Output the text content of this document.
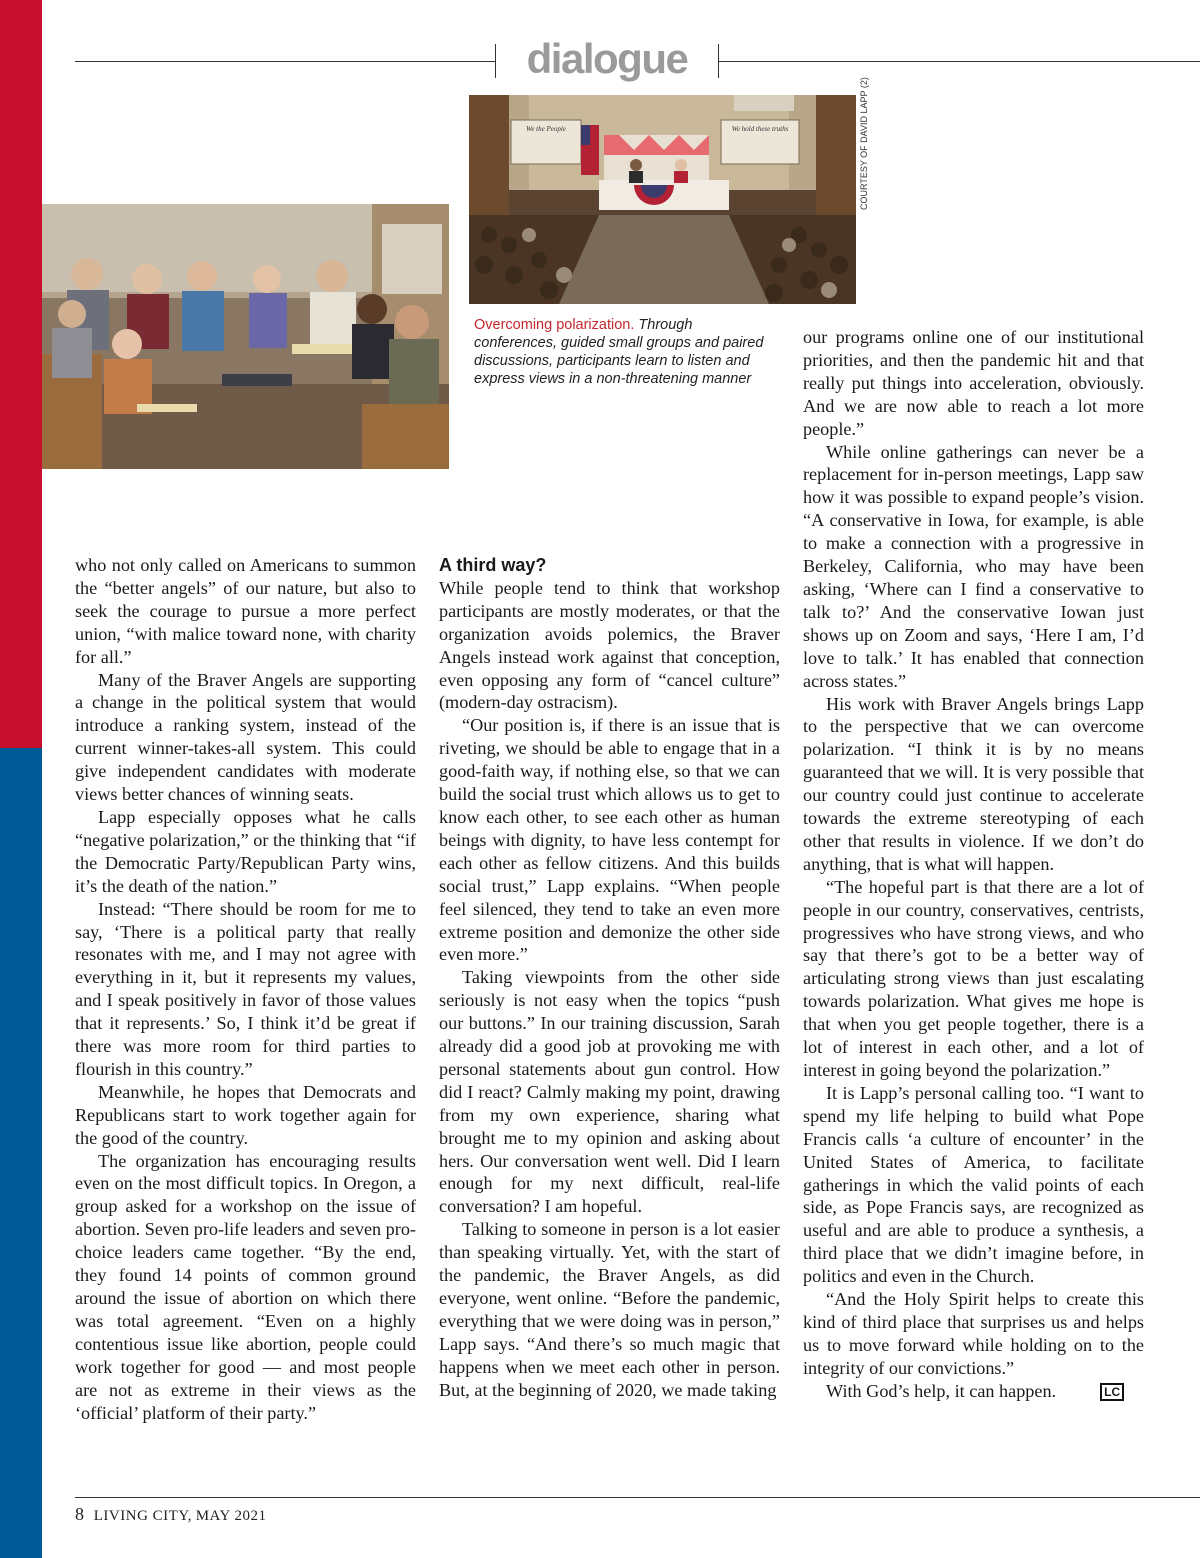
dialogue
We the People	We hold these truths	COURTESY OF DAVID LAPP (2)
Overcoming polarization. Through conferences, guided small groups and paired discussions, participants learn to listen and express views in a non-threatening manner

who not only called on Americans to summon the “better angels” of our nature, but also to seek the courage to pursue a more perfect union, “with malice toward none, with charity for all.”

Many of the Braver Angels are supporting a change in the political system that would introduce a ranking system, instead of the current winner-takes-all system. This could give independent candidates with moderate views better chances of winning seats.

Lapp especially opposes what he calls “negative polarization,” or the thinking that “if the Democratic Party/Republican Party wins, it’s the death of the nation.”

Instead: “There should be room for me to say, ‘There is a political party that really resonates with me, and I may not agree with everything in it, but it represents my values, and I speak positively in favor of those values that it represents.’ So, I think it’d be great if there was more room for third parties to flourish in this country.”

Meanwhile, he hopes that Democrats and Republicans start to work together again for the good of the country.

The organization has encouraging results even on the most difficult topics. In Oregon, a group asked for a workshop on the issue of abortion. Seven pro-life leaders and seven pro-choice leaders came together. “By the end, they found 14 points of common ground around the issue of abortion on which there was total agreement. “Even on a highly contentious issue like abortion, people could work together for good — and most people are not as extreme in their views as the ‘official’ platform of their party.”

A third way?

While people tend to think that workshop participants are mostly moderates, or that the organization avoids polemics, the Braver Angels instead work against that conception, even opposing any form of “cancel culture” (modern-day ostracism).

“Our position is, if there is an issue that is riveting, we should be able to engage that in a good-faith way, if nothing else, so that we can build the social trust which allows us to get to know each other, to see each other as human beings with dignity, to have less contempt for each other as fellow citizens. And this builds social trust,” Lapp explains. “When people feel silenced, they tend to take an even more extreme position and demonize the other side even more.”

Taking viewpoints from the other side seriously is not easy when the topics “push our buttons.” In our training discussion, Sarah already did a good job at provoking me with personal statements about gun control. How did I react? Calmly making my point, drawing from my own experience, sharing what brought me to my opinion and asking about hers. Our conversation went well. Did I learn enough for my next difficult, real-life conversation? I am hopeful.

Talking to someone in person is a lot easier than speaking virtually. Yet, with the start of the pandemic, the Braver Angels, as did everyone, went online. “Before the pandemic, everything that we were doing was in person,” Lapp says. “And there’s so much magic that happens when we meet each other in person. But, at the beginning of 2020, we made taking

our programs online one of our institutional priorities, and then the pandemic hit and that really put things into acceleration, obviously. And we are now able to reach a lot more people.”

While online gatherings can never be a replacement for in-person meetings, Lapp saw how it was possible to expand people’s vision. “A conservative in Iowa, for example, is able to make a connection with a progressive in Berkeley, California, who may have been asking, ‘Where can I find a conservative to talk to?’ And the conservative Iowan just shows up on Zoom and says, ‘Here I am, I’d love to talk.’ It has enabled that connection across states.”

His work with Braver Angels brings Lapp to the perspective that we can overcome polarization. “I think it is by no means guaranteed that we will. It is very possible that our country could just continue to accelerate towards the extreme stereotyping of each other that results in violence. If we don’t do anything, that is what will happen.

“The hopeful part is that there are a lot of people in our country, conservatives, centrists, progressives who have strong views, and who say that there’s got to be a better way of articulating strong views than just escalating towards polarization. What gives me hope is that when you get people together, there is a lot of interest in each other, and a lot of interest in going beyond the polarization.”

It is Lapp’s personal calling too. “I want to spend my life helping to build what Pope Francis calls ‘a culture of encounter’ in the United States of America, to facilitate gatherings in which the valid points of each side, as Pope Francis says, are recognized as useful and are able to produce a synthesis, a third place that we didn’t imagine before, in politics and even in the Church.

“And the Holy Spirit helps to create this kind of third place that surprises us and helps us to move forward while holding on to the integrity of our convictions.”

With God’s help, it can happen.	LC

8 LIVING CITY, MAY 2021
